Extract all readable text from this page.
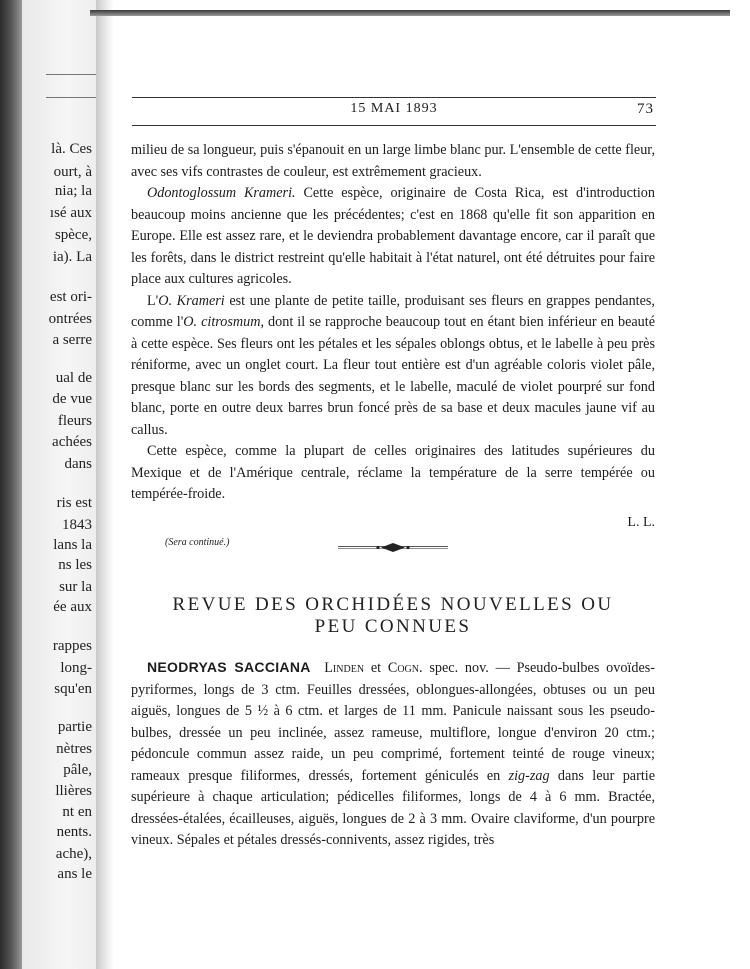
là. Ces
ourt, à
nia; la
ısé aux
spèce,
ia). La
est ori-
ontrées
a serre
ual de
de vue
fleurs
achées
dans
ris est
1843
lans la
ns les
sur la
ée aux
rappes
long-
squ'en
partie
nètres
pâle,
llières
nt en
nents.
ache),
ans le
15 MAI 1893	73

milieu de sa longueur, puis s'épanouit en un large limbe blanc pur. L'ensemble de cette fleur, avec ses vifs contrastes de couleur, est extrêmement gracieux.

Odontoglossum Krameri. Cette espèce, originaire de Costa Rica, est d'introduction beaucoup moins ancienne que les précédentes; c'est en 1868 qu'elle fit son apparition en Europe. Elle est assez rare, et le deviendra probablement davantage encore, car il paraît que les forêts, dans le district restreint qu'elle habitait à l'état naturel, ont été détruites pour faire place aux cultures agricoles.

L'O. Krameri est une plante de petite taille, produisant ses fleurs en grappes pendantes, comme l'O. citrosmum, dont il se rapproche beaucoup tout en étant bien inférieur en beauté à cette espèce. Ses fleurs ont les pétales et les sépales oblongs obtus, et le labelle à peu près réniforme, avec un onglet court. La fleur tout entière est d'un agréable coloris violet pâle, presque blanc sur les bords des segments, et le labelle, maculé de violet pourpré sur fond blanc, porte en outre deux barres brun foncé près de sa base et deux macules jaune vif au callus.

Cette espèce, comme la plupart de celles originaires des latitudes supérieures du Mexique et de l'Amérique centrale, réclame la température de la serre tempérée ou tempérée-froide.

L. L.
(Sera continué.)
REVUE DES ORCHIDÉES NOUVELLES OU
PEU CONNUES

NEODRYAS SACCIANA Linden et Cogn. spec. nov. — Pseudo-bulbes ovoïdes-pyriformes, longs de 3 ctm. Feuilles dressées, oblongues-allongées, obtuses ou un peu aiguës, longues de 5 ½ à 6 ctm. et larges de 11 mm. Panicule naissant sous les pseudo-bulbes, dressée un peu inclinée, assez rameuse, multiflore, longue d'environ 20 ctm.; pédoncule commun assez raide, un peu comprimé, fortement teinté de rouge vineux; rameaux presque filiformes, dressés, fortement géniculés en zig-zag dans leur partie supérieure à chaque articulation; pédicelles filiformes, longs de 4 à 6 mm. Bractée, dressées-étalées, écailleuses, aiguës, longues de 2 à 3 mm. Ovaire claviforme, d'un pourpre vineux. Sépales et pétales dressés-connivents, assez rigides, très
